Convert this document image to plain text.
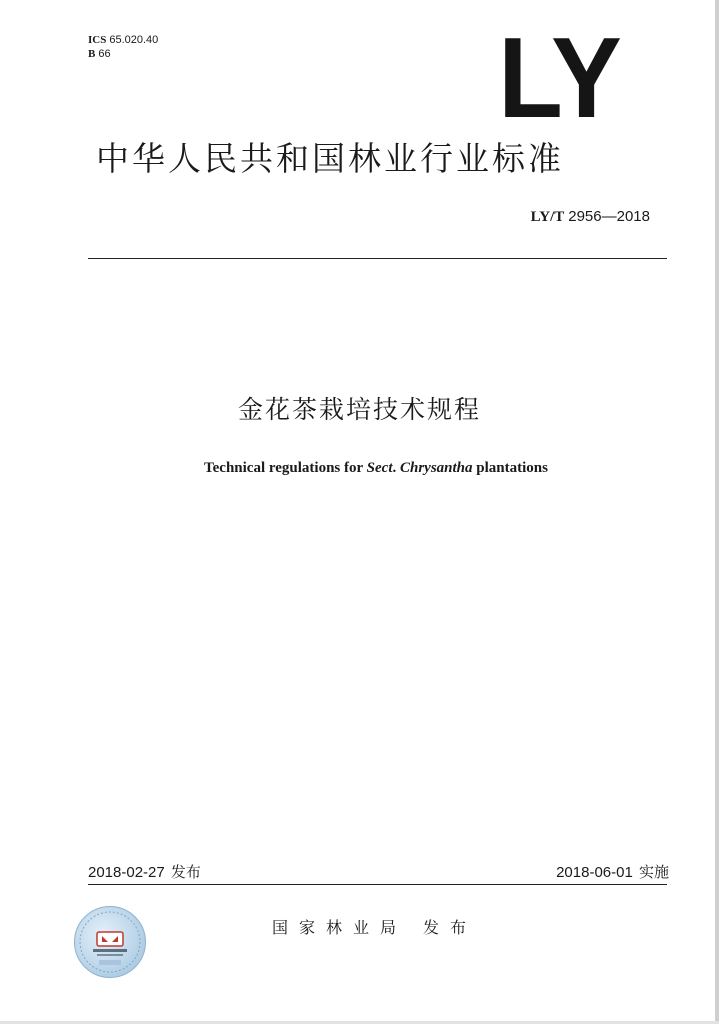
ICS 65.020.40
B 66	LY
中华人民共和国林业行业标准
LY/T 2956—2018
金花茶栽培技术规程
Technical regulations for Sect. Chrysantha plantations
2018-02-27 发布	2018-06-01 实施
国家林业局 发布
